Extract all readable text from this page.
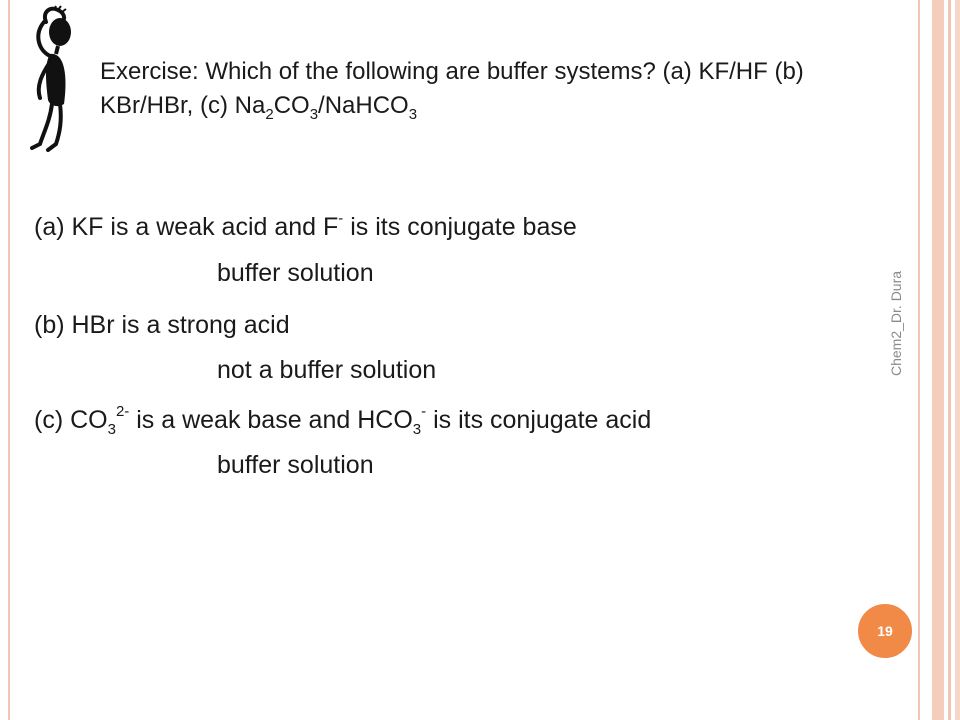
Exercise: Which of the following are buffer systems? (a) KF/HF (b) KBr/HBr, (c) $Na_2CO_3/NaHCO_3$
(a) KF is a weak acid and F- is its conjugate base
buffer solution
(b) HBr is a strong acid
not a buffer solution
(c) $CO_3^{2-}$ is a weak base and $HCO_3^-$ is its conjugate acid
buffer solution
Chem2_Dr. Dura
19
